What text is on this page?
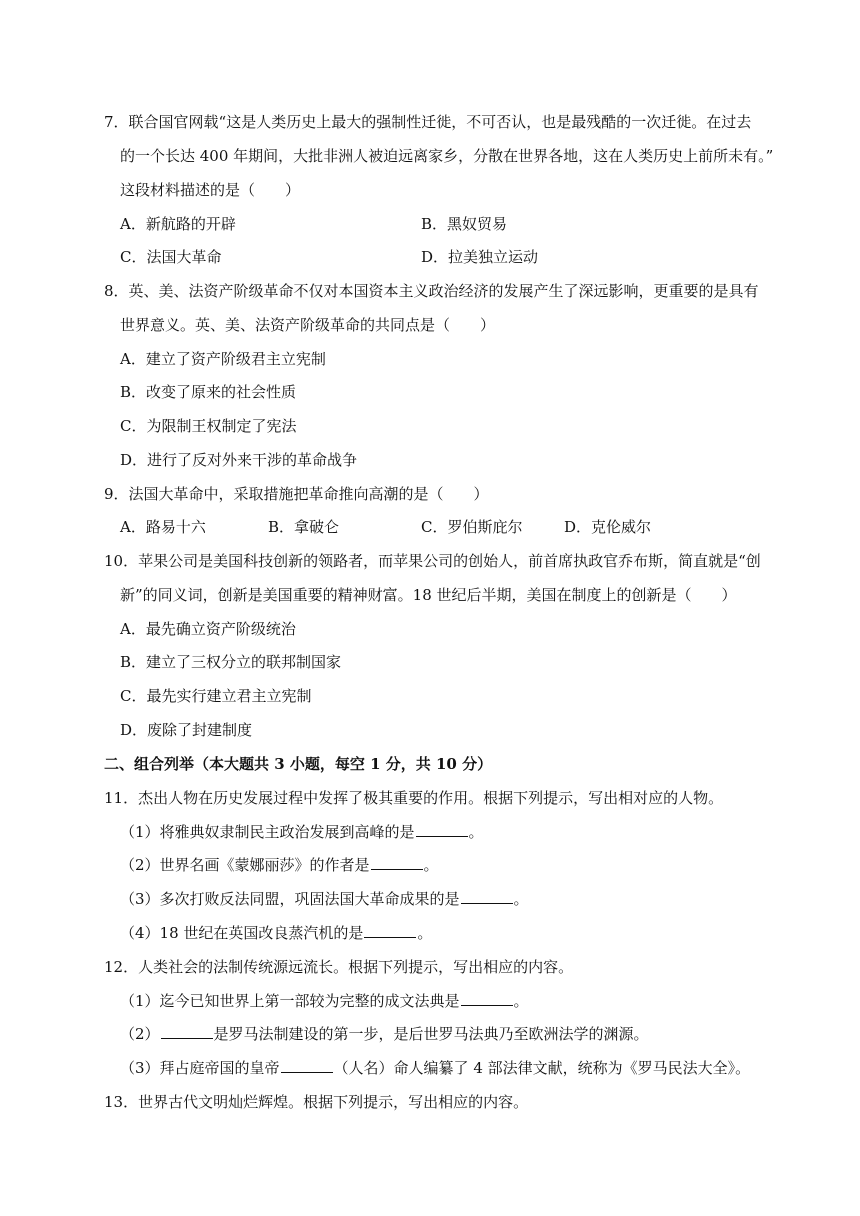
7．联合国官网载“这是人类历史上最大的强制性迁徙，不可否认，也是最残酷的一次迁徙。在过去
的一个长达 400 年期间，大批非洲人被迫远离家乡，分散在世界各地，这在人类历史上前所未有。”
这段材料描述的是（　　）
A．新航路的开辟	B．黑奴贸易
C．法国大革命	D．拉美独立运动
8．英、美、法资产阶级革命不仅对本国资本主义政治经济的发展产生了深远影响，更重要的是具有
世界意义。英、美、法资产阶级革命的共同点是（　　）
A．建立了资产阶级君主立宪制
B．改变了原来的社会性质
C．为限制王权制定了宪法
D．进行了反对外来干涉的革命战争
9．法国大革命中，采取措施把革命推向高潮的是（　　）
A．路易十六	B．拿破仑	C．罗伯斯庇尔	D．克伦威尔
10．苹果公司是美国科技创新的领路者，而苹果公司的创始人，前首席执政官乔布斯，简直就是“创
新”的同义词，创新是美国重要的精神财富。18 世纪后半期，美国在制度上的创新是（　　）
A．最先确立资产阶级统治
B．建立了三权分立的联邦制国家
C．最先实行建立君主立宪制
D．废除了封建制度
二、组合列举（本大题共 3 小题，每空 1 分，共 10 分）
11．杰出人物在历史发展过程中发挥了极其重要的作用。根据下列提示，写出相对应的人物。
（1）将雅典奴隶制民主政治发展到高峰的是	。
（2）世界名画《蒙娜丽莎》的作者是	。
（3）多次打败反法同盟，巩固法国大革命成果的是	。
（4）18 世纪在英国改良蒸汽机的是	。
12．人类社会的法制传统源远流长。根据下列提示，写出相应的内容。
（1）迄今已知世界上第一部较为完整的成文法典是	。
（2）	是罗马法制建设的第一步，是后世罗马法典乃至欧洲法学的渊源。
（3）拜占庭帝国的皇帝	（人名）命人编纂了 4 部法律文献，统称为《罗马民法大全》。
13．世界古代文明灿烂辉煌。根据下列提示，写出相应的内容。
